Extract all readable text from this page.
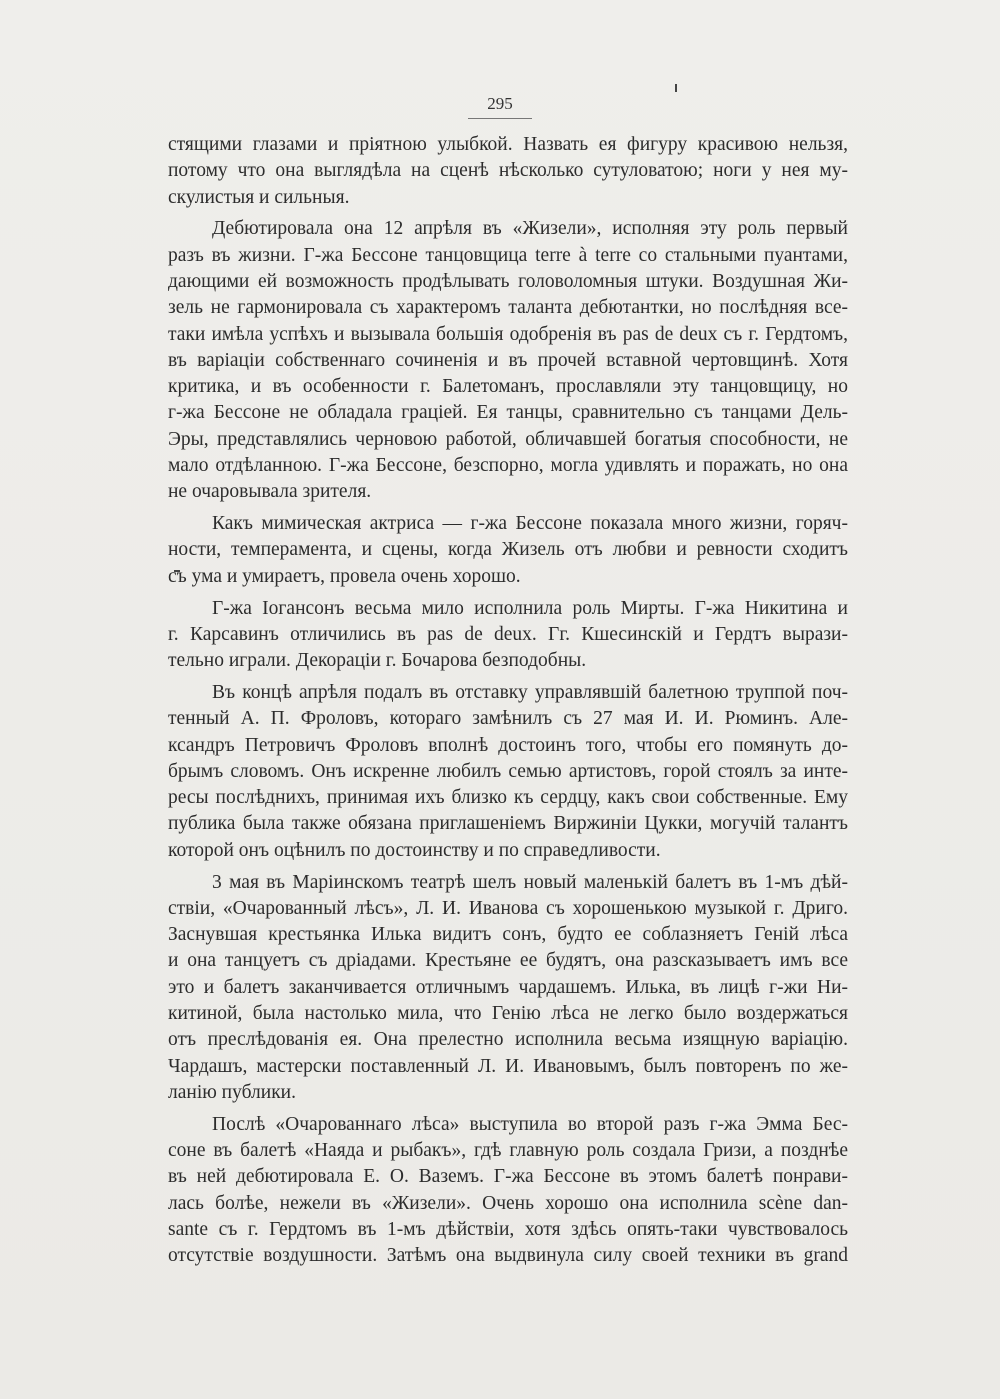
295

стящими глазами и пріятною улыбкой. Назвать ея фигуру красивою нельзя,
потому что она выглядѣла на сценѣ нѣсколько сутуловатою; ноги у нея му-
скулистыя и сильныя.

Дебютировала она 12 апрѣля въ «Жизели», исполняя эту роль первый
разъ въ жизни. Г-жа Бессоне танцовщица terre à terre со стальными пуантами,
дающими ей возможность продѣлывать головоломныя штуки. Воздушная Жи-
зель не гармонировала съ характеромъ таланта дебютантки, но послѣдняя все-
таки имѣла успѣхъ и вызывала большія одобренія въ pas de deux съ г. Гердтомъ,
въ варіаціи собственнаго сочиненія и въ прочей вставной чертовщинѣ. Хотя
критика, и въ особенности г. Балетоманъ, прославляли эту танцовщицу, но
г-жа Бессоне не обладала граціей. Ея танцы, сравнительно съ танцами Дель-
Эры, представлялись черновою работой, обличавшей богатыя способности, не
мало отдѣланною. Г-жа Бессоне, безспорно, могла удивлять и поражать, но она
не очаровывала зрителя.

Какъ мимическая актриса — г-жа Бессоне показала много жизни, горяч-
ности, темперамента, и сцены, когда Жизель отъ любви и ревности сходитъ
съ ума и умираетъ, провела очень хорошо.

Г-жа Іогансонъ весьма мило исполнила роль Мирты. Г-жа Никитина и
г. Карсавинъ отличились въ pas de deux. Гг. Кшесинскій и Гердтъ вырази-
тельно играли. Декораціи г. Бочарова безподобны.

Въ концѣ апрѣля подалъ въ отставку управлявшій балетною труппой поч-
тенный А. П. Фроловъ, котораго замѣнилъ съ 27 мая И. И. Рюминъ. Але-
ксандръ Петровичъ Фроловъ вполнѣ достоинъ того, чтобы его помянуть до-
брымъ словомъ. Онъ искренне любилъ семью артистовъ, горой стоялъ за инте-
ресы послѣднихъ, принимая ихъ близко къ сердцу, какъ свои собственные. Ему
публика была также обязана приглашеніемъ Виржиніи Цукки, могучій талантъ
которой онъ оцѣнилъ по достоинству и по справедливости.

3 мая въ Маріинскомъ театрѣ шелъ новый маленькій балетъ въ 1-мъ дѣй-
ствіи, «Очарованный лѣсъ», Л. И. Иванова съ хорошенькою музыкой г. Дриго.
Заснувшая крестьянка Илька видитъ сонъ, будто ее соблазняетъ Геній лѣса
и она танцуетъ съ дріадами. Крестьяне ее будятъ, она разсказываетъ имъ все
это и балетъ заканчивается отличнымъ чардашемъ. Илька, въ лицѣ г-жи Ни-
китиной, была настолько мила, что Генію лѣса не легко было воздержаться
отъ преслѣдованія ея. Она прелестно исполнила весьма изящную варіацію.
Чардашъ, мастерски поставленный Л. И. Ивановымъ, былъ повторенъ по же-
ланію публики.

Послѣ «Очарованнаго лѣса» выступила во второй разъ г-жа Эмма Бес-
соне въ балетѣ «Наяда и рыбакъ», гдѣ главную роль создала Гризи, а позднѣе
въ ней дебютировала Е. О. Вaземъ. Г-жа Бессоне въ этомъ балетѣ понрави-
лась болѣе, нежели въ «Жизели». Очень хорошо она исполнила scène dan-
sante съ г. Гердтомъ въ 1-мъ дѣйствіи, хотя здѣсь опять-таки чувствовалось
отсутствіе воздушности. Затѣмъ она выдвинула силу своей техники въ grand
